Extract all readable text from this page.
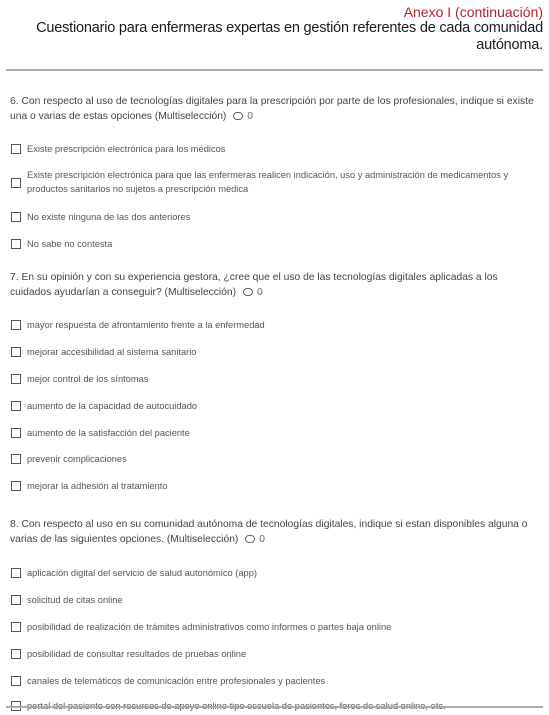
Anexo I (continuación)
Cuestionario para enfermeras expertas en gestión referentes de cada comunidad autónoma.
6. Con respecto al uso de tecnologías digitales para la prescripción por parte de los profesionales, indique si existe una o varias de estas opciones (Multiselección) 0
Existe prescripción electrónica para los médicos
Existe prescripción electrónica para que las enfermeras realicen indicación, uso y administración de medicamentos y productos sanitarios no sujetos a prescripción médica
No existe ninguna de las dos anteriores
No sabe no contesta
7. En su opinión y con su experiencia gestora, ¿cree que el uso de las tecnologías digitales aplicadas a los cuidados ayudarían a conseguir? (Multiselección) 0
mayor respuesta de afrontamiento frente a la enfermedad
mejorar accesibilidad al sistema sanitario
mejor control de los síntomas
aumento de la capacidad de autocuidado
aumento de la satisfacción del paciente
prevenir complicaciones
mejorar la adhesión al tratamiento
8. Con respecto al uso en su comunidad autónoma de tecnologías digitales, indique si estan disponibles alguna o varias de las siguientes opciones. (Multiselección) 0
aplicación digital del servicio de salud autonómico (app)
solicitud de citas online
posibilidad de realización de trámites administrativos como informes o partes baja online
posibilidad de consultar resultados de pruebas online
canales de telemáticos de comunicación entre profesionales y pacientes
